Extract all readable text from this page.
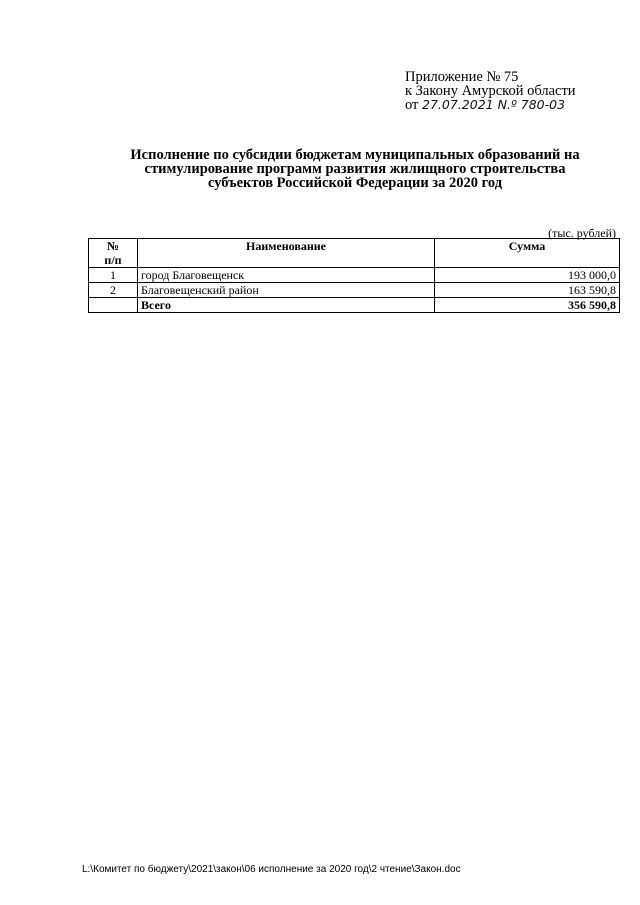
Приложение № 75
к Закону Амурской области
от 27.07.2021 N.º 780-03
Исполнение по субсидии бюджетам муниципальных образований на
стимулирование программ развития жилищного строительства
субъектов Российской Федерации за 2020 год
(тыс. рублей)
№
п/п	Наименование	Сумма
1	город Благовещенск	193 000,0
2	Благовещенский район	163 590,8
	Всего	356 590,8
L:\Комитет по бюджету\2021\закон\06 исполнение за 2020 год\2 чтение\Закон.doc
